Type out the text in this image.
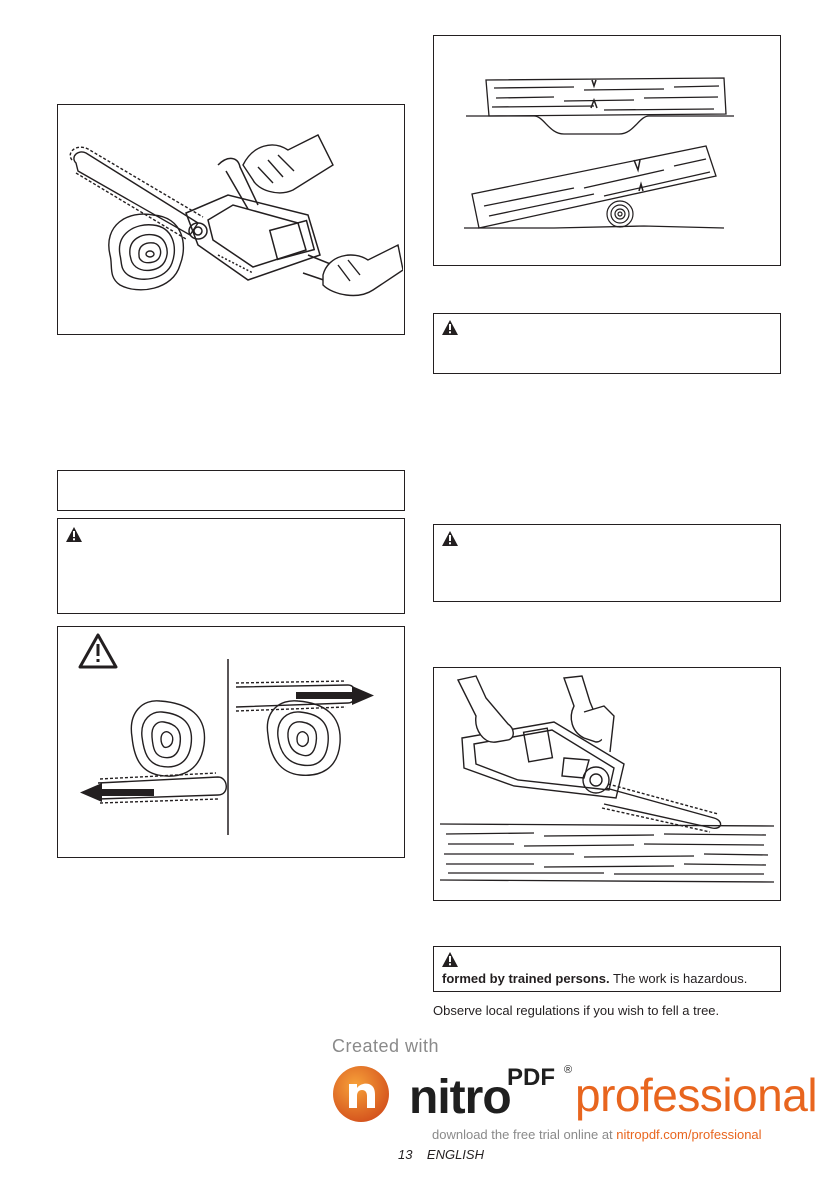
formed by trained persons. The work is hazardous.
Observe local regulations if you wish to fell a tree.
Created with
nitro
PDF ® professional
download the free trial online at nitropdf.com/professional
13    ENGLISH
